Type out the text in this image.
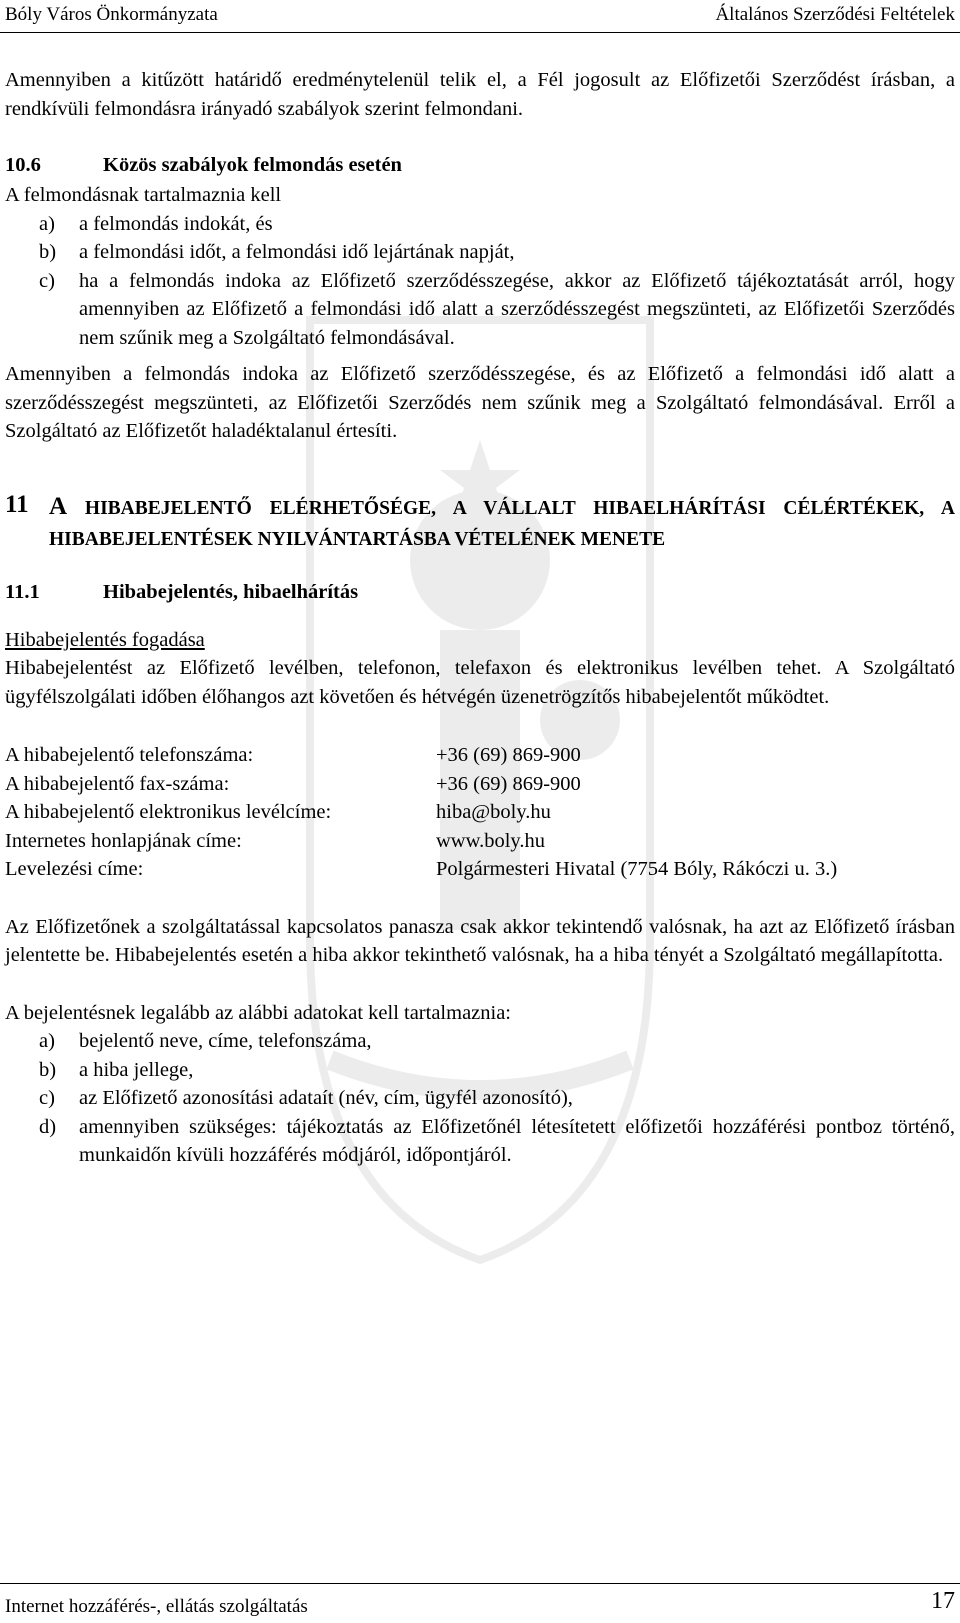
Bóly Város Önkormányzata	Általános Szerződési Feltételek

Amennyiben a kitűzött határidő eredménytelenül telik el, a Fél jogosult az Előfizetői Szerződést írásban, a rendkívüli felmondásra irányadó szabályok szerint felmondani.

10.6	Közös szabályok felmondás esetén

A felmondásnak tartalmaznia kell

a) a felmondás indokát, és
b) a felmondási időt, a felmondási idő lejártának napját,
c) ha a felmondás indoka az Előfizető szerződésszegése, akkor az Előfizető tájékoztatását arról, hogy amennyiben az Előfizető a felmondási idő alatt a szerződésszegést megszünteti, az Előfizetői Szerződés nem szűnik meg a Szolgáltató felmondásával.

Amennyiben a felmondás indoka az Előfizető szerződésszegése, és az Előfizető a felmondási idő alatt a szerződésszegést megszünteti, az Előfizetői Szerződés nem szűnik meg a Szolgáltató felmondásával. Erről a Szolgáltató az Előfizetőt haladéktalanul értesíti.

11 A HIBABEJELENTŐ ELÉRHETŐSÉGE, A VÁLLALT HIBAELHÁRÍTÁSI CÉLÉRTÉKEK, A HIBABEJELENTÉSEK NYILVÁNTARTÁSBA VÉTELÉNEK MENETE
11.1	Hibabejelentés, hibaelhárítás

Hibabejelentés fogadása

Hibabejelentést az Előfizető levélben, telefonon, telefaxon és elektronikus levélben tehet. A Szolgáltató ügyfélszolgálati időben élőhangos azt követően és hétvégén üzenetrögzítős hibabejelentőt működtet.

A hibabejelentő telefonszáma:	+36 (69) 869-900
A hibabejelentő fax-száma:	+36 (69) 869-900
A hibabejelentő elektronikus levélcíme:	hiba@boly.hu
Internetes honlapjának címe:	www.boly.hu
Levelezési címe:	Polgármesteri Hivatal (7754 Bóly, Rákóczi u. 3.)

Az Előfizetőnek a szolgáltatással kapcsolatos panasza csak akkor tekintendő valósnak, ha azt az Előfizető írásban jelentette be. Hibabejelentés esetén a hiba akkor tekinthető valósnak, ha a hiba tényét a Szolgáltató megállapította.

A bejelentésnek legalább az alábbi adatokat kell tartalmaznia:

a) bejelentő neve, címe, telefonszáma,
b) a hiba jellege,
c) az Előfizető azonosítási adataít (név, cím, ügyfél azonosító),
d) amennyiben szükséges: tájékoztatás az Előfizetőnél létesítetett előfizetői hozzáférési pontboz történő, munkaidőn kívüli hozzáférés módjáról, időpontjáról.
Internet hozzáférés-, ellátás szolgáltatás	17
